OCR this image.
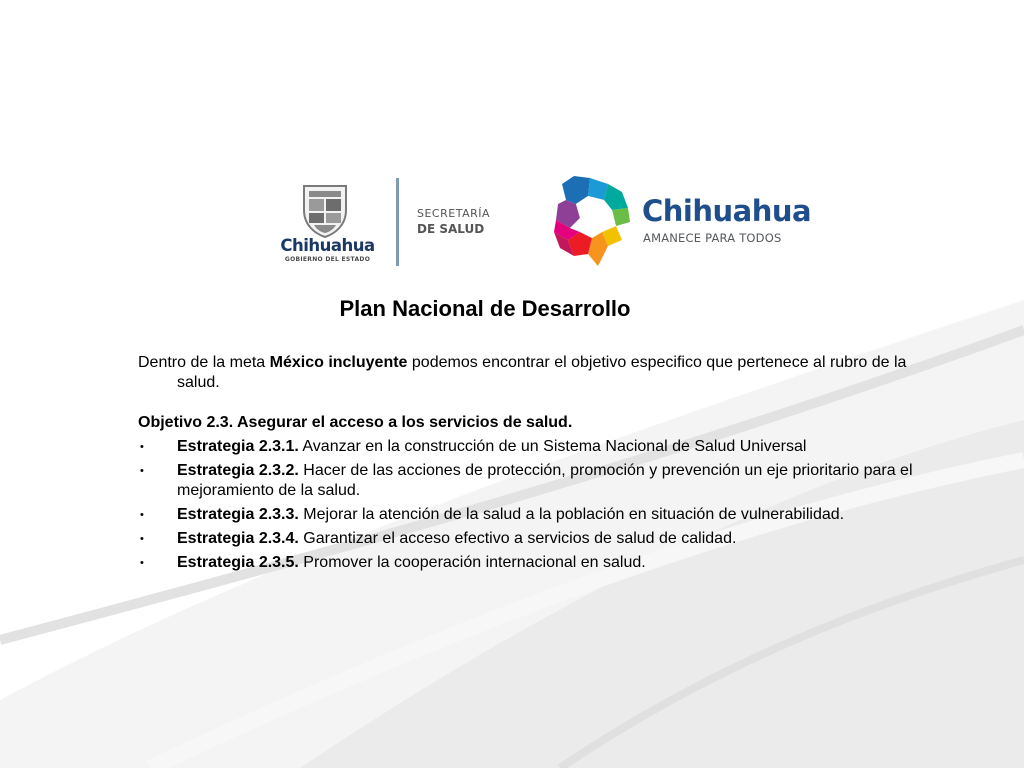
Chihuahua
GOBIERNO DEL ESTADO
SECRETARÍA
DE SALUD
Chihuahua
AMANECE PARA TODOS
Plan Nacional de Desarrollo

Dentro de la meta México incluyente podemos encontrar el objetivo especifico que pertenece al rubro de la salud.

Objetivo 2.3. Asegurar el acceso a los servicios de salud.

• Estrategia 2.3.1. Avanzar en la construcción de un Sistema Nacional de Salud Universal
• Estrategia 2.3.2. Hacer de las acciones de protección, promoción y prevención un eje prioritario para el mejoramiento de la salud.
• Estrategia 2.3.3. Mejorar la atención de la salud a la población en situación de vulnerabilidad.
• Estrategia 2.3.4. Garantizar el acceso efectivo a servicios de salud de calidad.
• Estrategia 2.3.5. Promover la cooperación internacional en salud.
